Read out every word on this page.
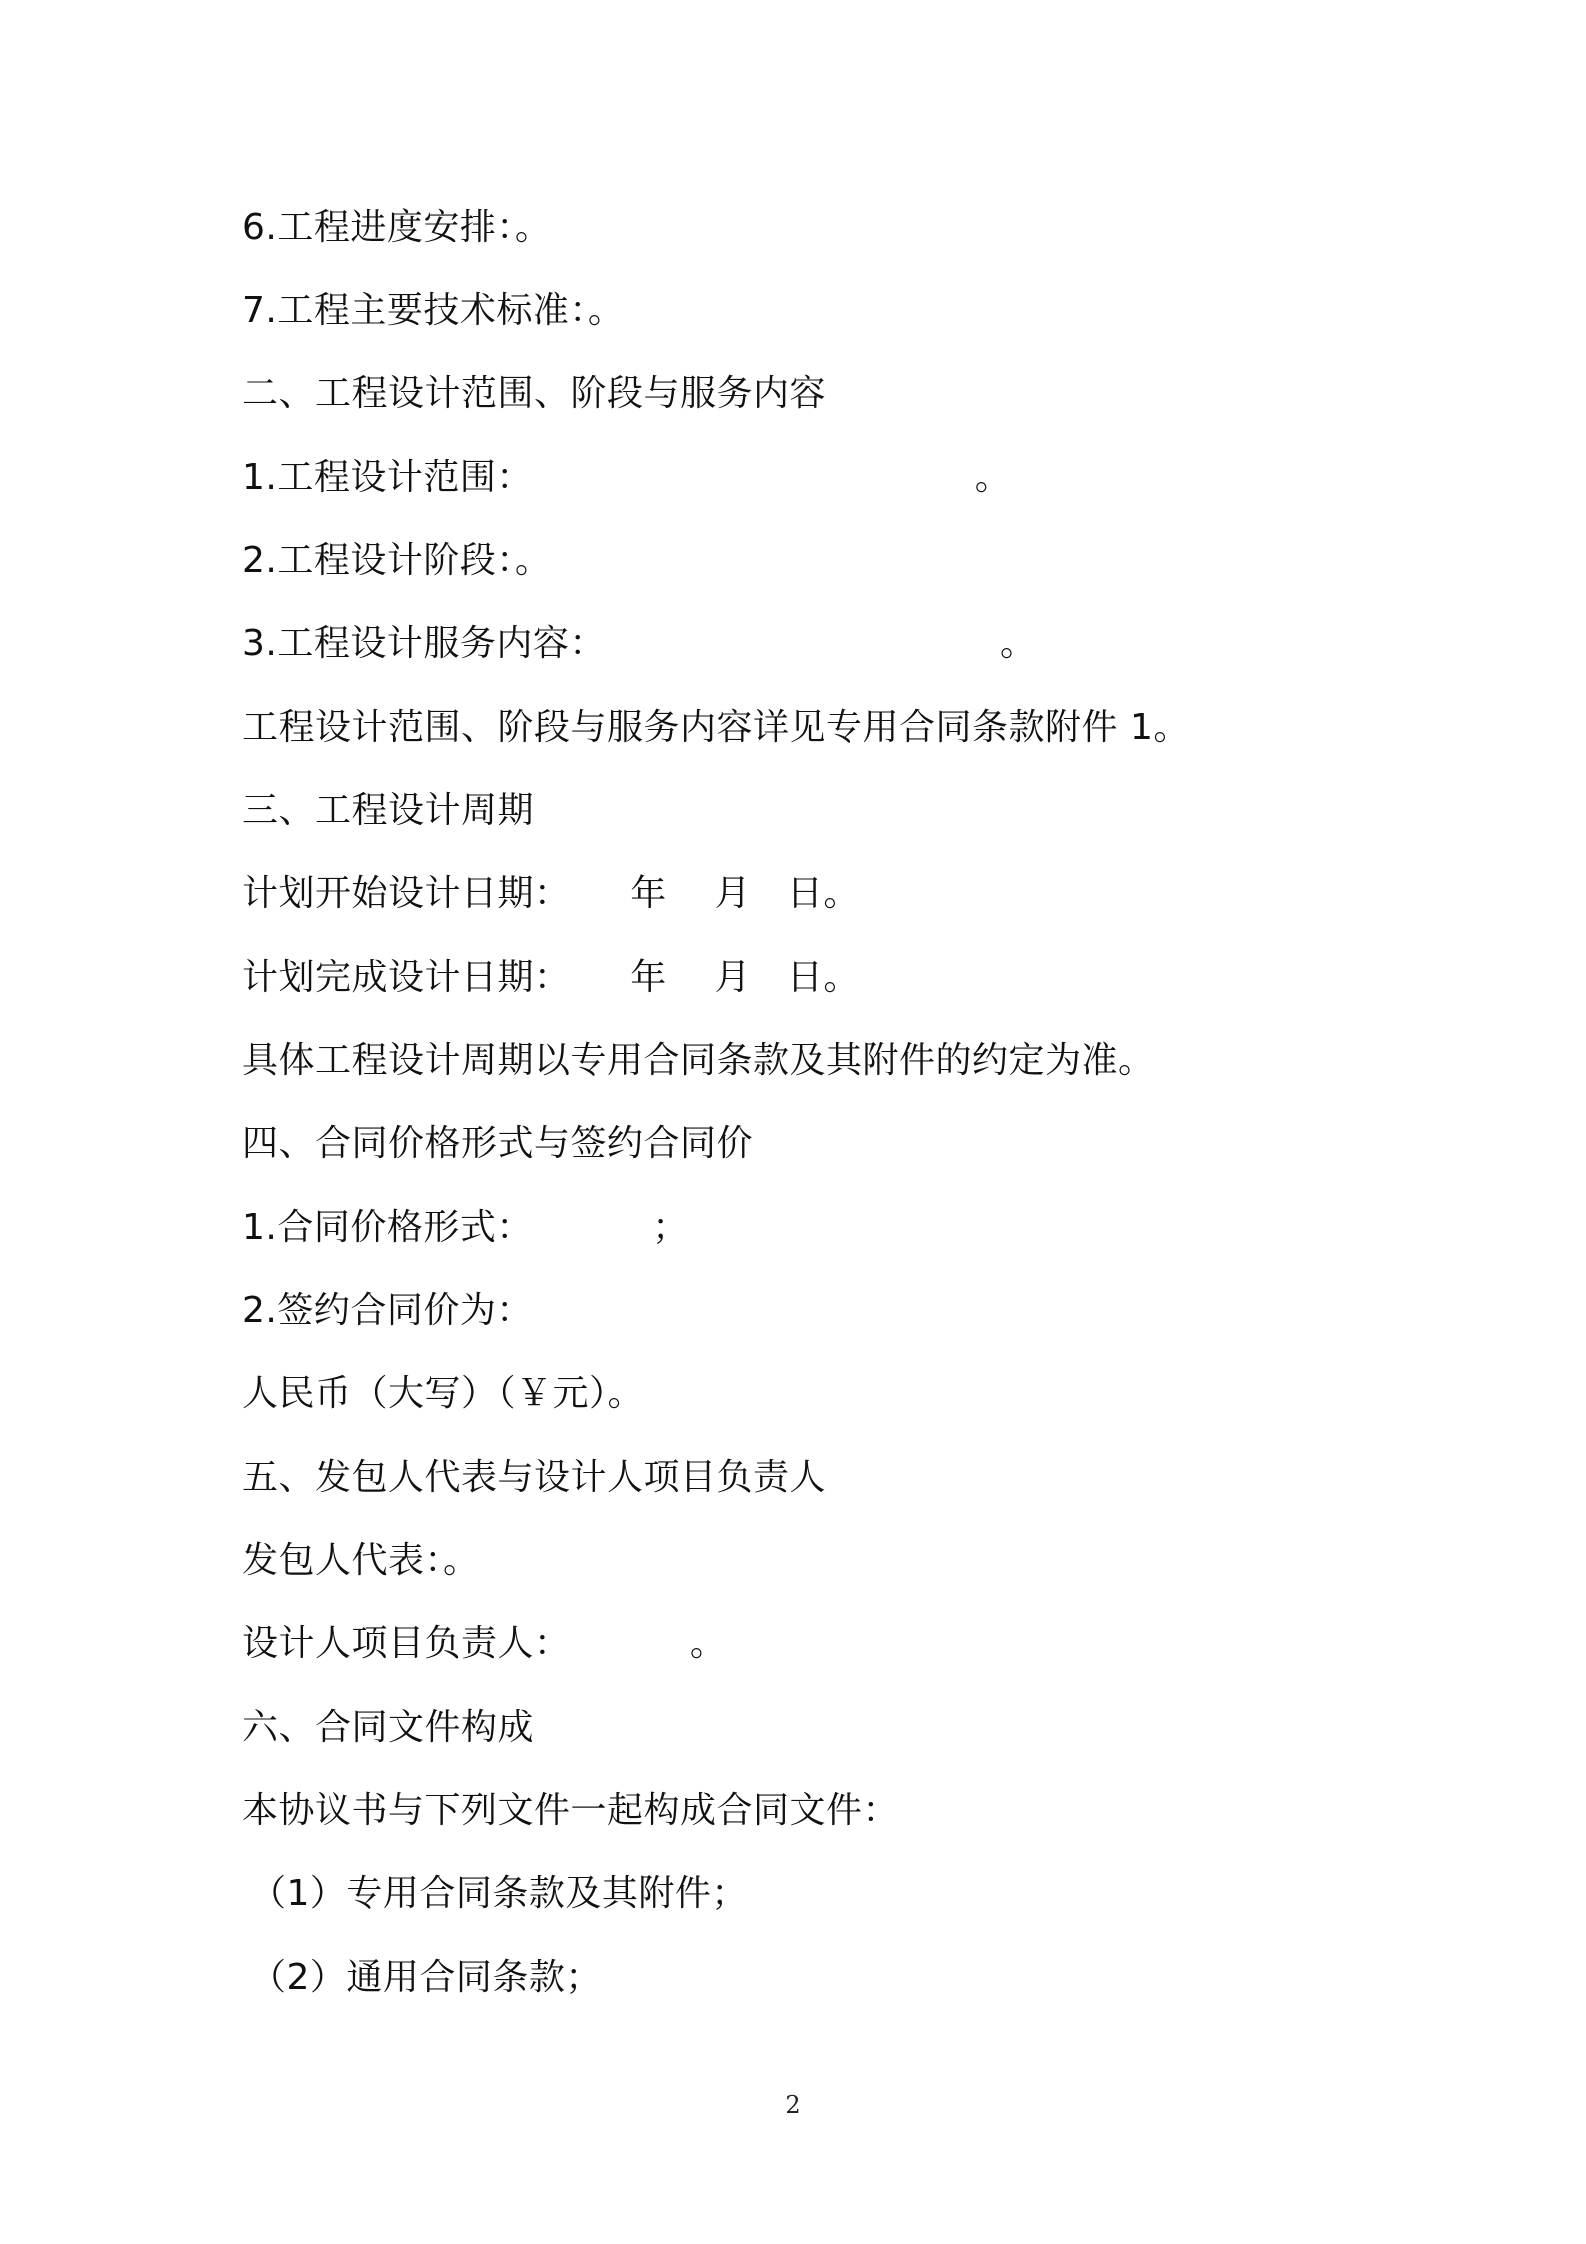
6.工程进度安排：。
7.工程主要技术标准：。
二、工程设计范围、阶段与服务内容
1.工程设计范围：                                     。
2.工程设计阶段：。
3.工程设计服务内容：                                 。
工程设计范围、阶段与服务内容详见专用合同条款附件 1。
三、工程设计周期
计划开始设计日期：     年    月   日。
计划完成设计日期：     年    月   日。
具体工程设计周期以专用合同条款及其附件的约定为准。
四、合同价格形式与签约合同价
1.合同价格形式：          ；
2.签约合同价为：
人民币（大写）（￥元）。
五、发包人代表与设计人项目负责人
发包人代表：。
设计人项目负责人：          。
六、合同文件构成
本协议书与下列文件一起构成合同文件：
（1）专用合同条款及其附件；
（2）通用合同条款；
2
